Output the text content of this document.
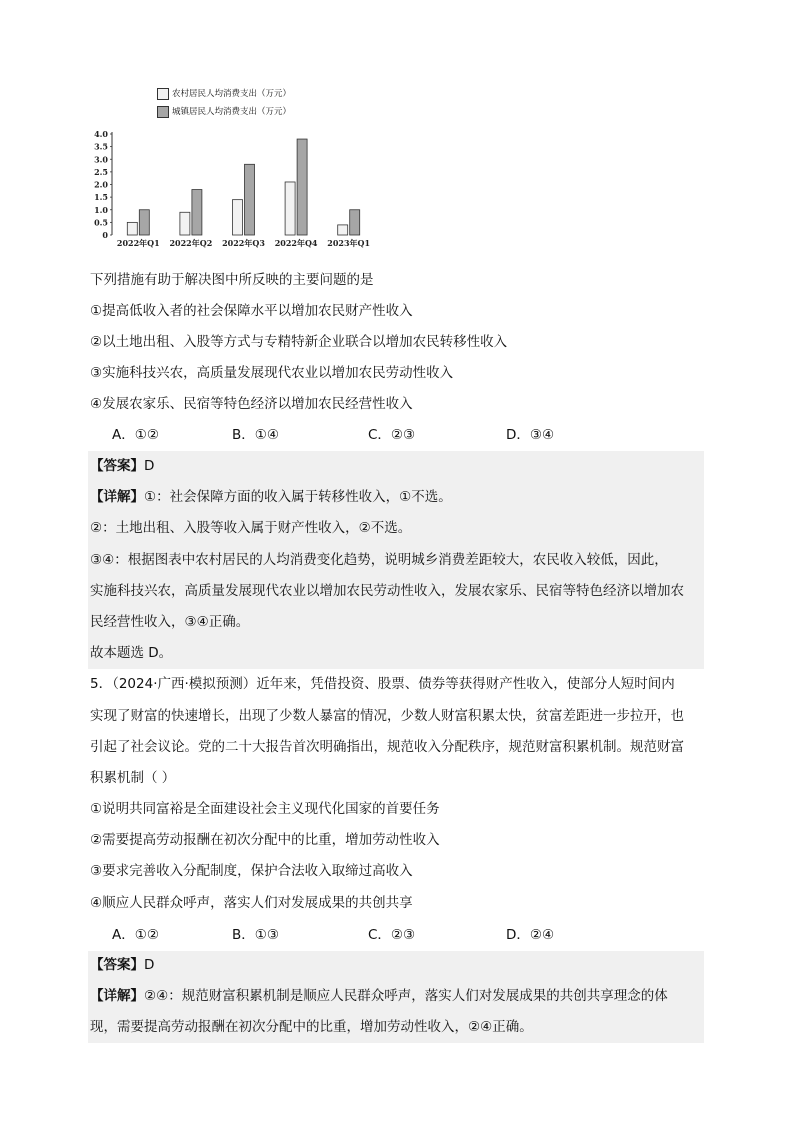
农村居民人均消费支出（万元）
城镇居民人均消费支出（万元）
4.0
3.5
3.0
2.5
2.0
1.5
1.0
0.5
0
2022年Q1 2022年Q2 2022年Q3 2022年Q4 2023年Q1
下列措施有助于解决图中所反映的主要问题的是
①提高低收入者的社会保障水平以增加农民财产性收入
②以土地出租、入股等方式与专精特新企业联合以增加农民转移性收入
③实施科技兴农，高质量发展现代农业以增加农民劳动性收入
④发展农家乐、民宿等特色经济以增加农民经营性收入
A．①②	B．①④	C．②③	D．③④
【答案】D
【详解】①：社会保障方面的收入属于转移性收入，①不选。
②：土地出租、入股等收入属于财产性收入，②不选。
③④：根据图表中农村居民的人均消费变化趋势，说明城乡消费差距较大，农民收入较低，因此，
实施科技兴农，高质量发展现代农业以增加农民劳动性收入，发展农家乐、民宿等特色经济以增加农
民经营性收入，③④正确。
故本题选 D。
5．（2024·广西·模拟预测）近年来，凭借投资、股票、债券等获得财产性收入，使部分人短时间内
实现了财富的快速增长，出现了少数人暴富的情况，少数人财富积累太快，贫富差距进一步拉开，也
引起了社会议论。党的二十大报告首次明确指出，规范收入分配秩序，规范财富积累机制。规范财富
积累机制（ ）
①说明共同富裕是全面建设社会主义现代化国家的首要任务
②需要提高劳动报酬在初次分配中的比重，增加劳动性收入
③要求完善收入分配制度，保护合法收入取缔过高收入
④顺应人民群众呼声，落实人们对发展成果的共创共享
A．①②	B．①③	C．②③	D．②④
【答案】D
【详解】②④：规范财富积累机制是顺应人民群众呼声，落实人们对发展成果的共创共享理念的体
现，需要提高劳动报酬在初次分配中的比重，增加劳动性收入，②④正确。
